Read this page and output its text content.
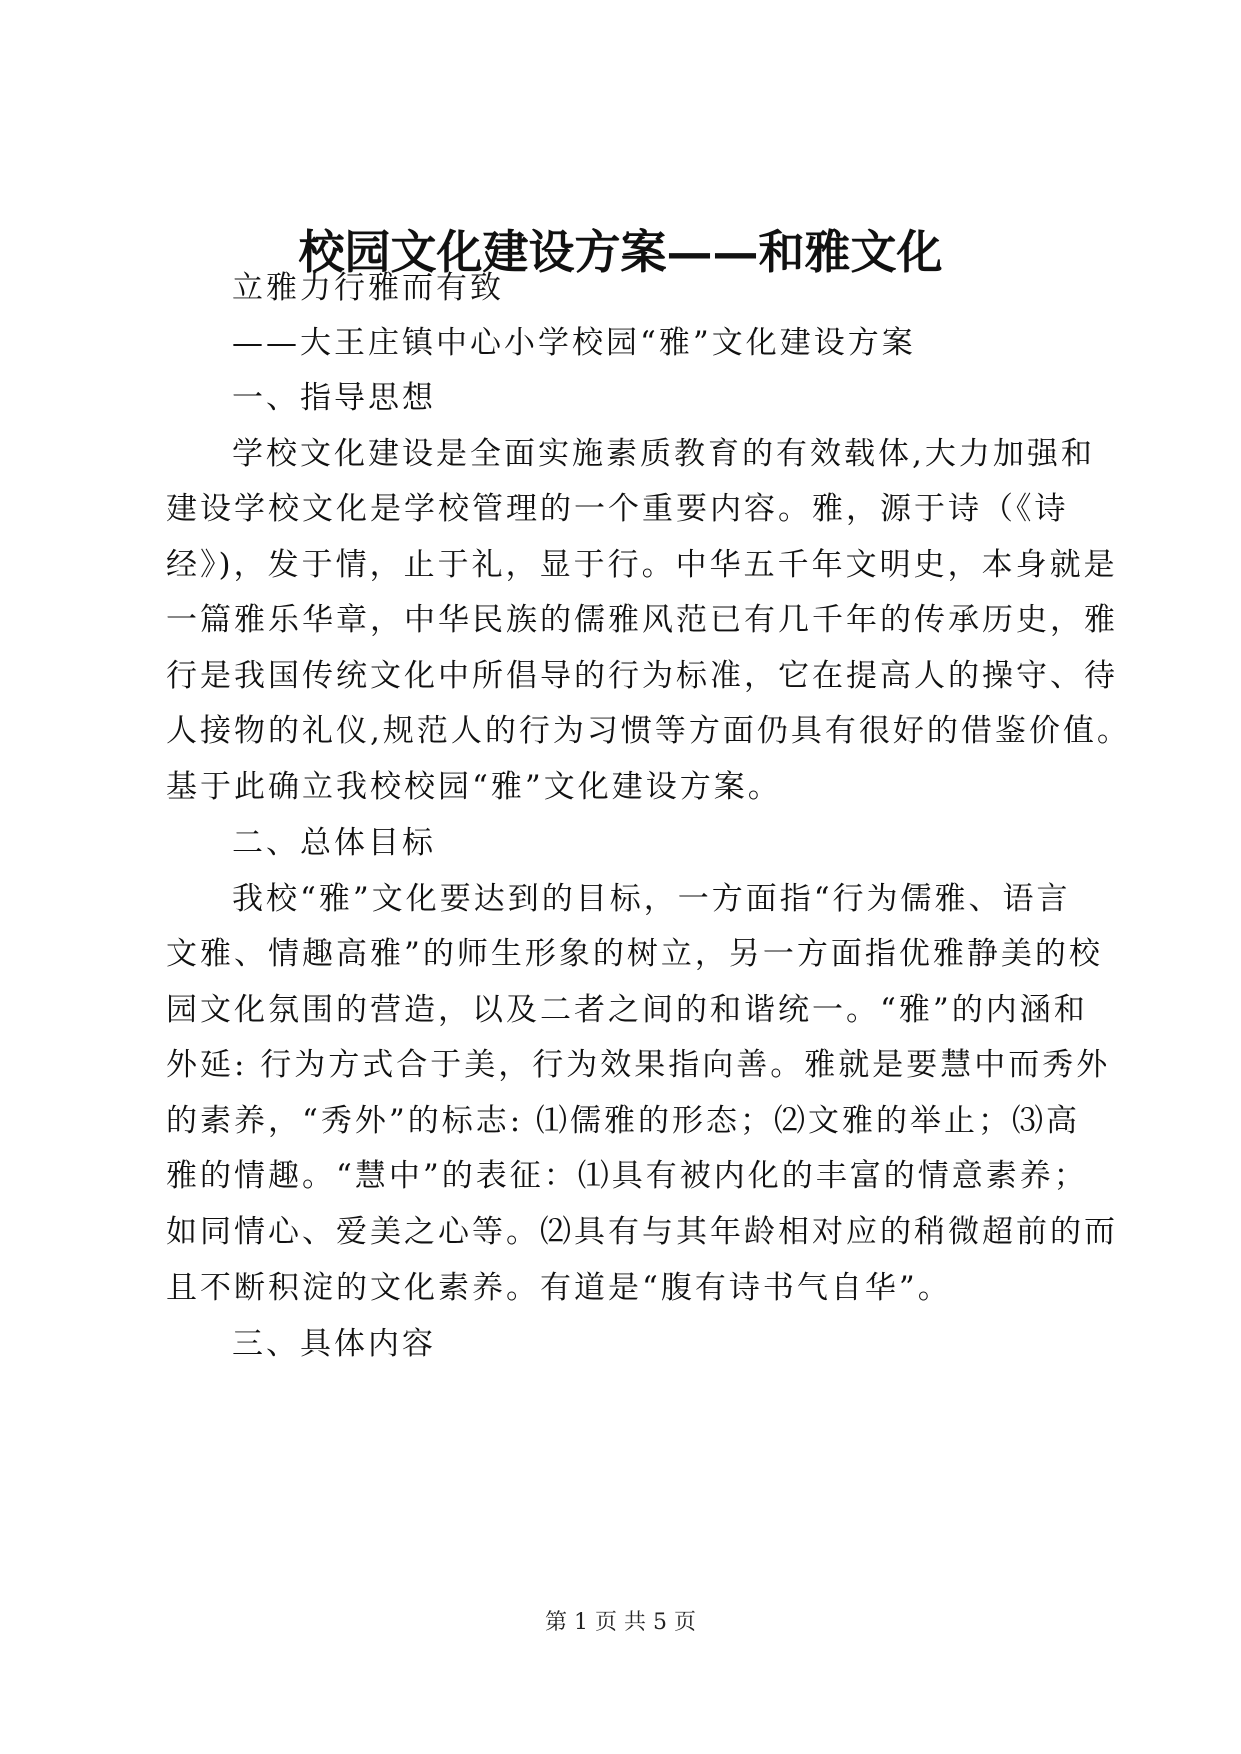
校园文化建设方案——和雅文化

立雅力行雅而有致

——大王庄镇中心小学校园“雅”文化建设方案

一、指导思想

学校文化建设是全面实施素质教育的有效载体,大力加强和

建设学校文化是学校管理的一个重要内容。雅，源于诗（《诗

经》)，发于情，止于礼，显于行。中华五千年文明史，本身就是

一篇雅乐华章，中华民族的儒雅风范已有几千年的传承历史，雅

行是我国传统文化中所倡导的行为标准，它在提高人的操守、待

人接物的礼仪,规范人的行为习惯等方面仍具有很好的借鉴价值。

基于此确立我校校园“雅”文化建设方案。

二、总体目标

我校“雅”文化要达到的目标，一方面指“行为儒雅、语言

文雅、情趣高雅”的师生形象的树立，另一方面指优雅静美的校

园文化氛围的营造，以及二者之间的和谐统一。“雅”的内涵和

外延: 行为方式合于美，行为效果指向善。雅就是要慧中而秀外

的素养，“秀外”的标志: ⑴儒雅的形态；⑵文雅的举止；⑶高

雅的情趣。“慧中”的表征：⑴具有被内化的丰富的情意素养；

如同情心、爱美之心等。⑵具有与其年龄相对应的稍微超前的而

且不断积淀的文化素养。有道是“腹有诗书气自华”。

三、具体内容

第 1 页 共 5 页
